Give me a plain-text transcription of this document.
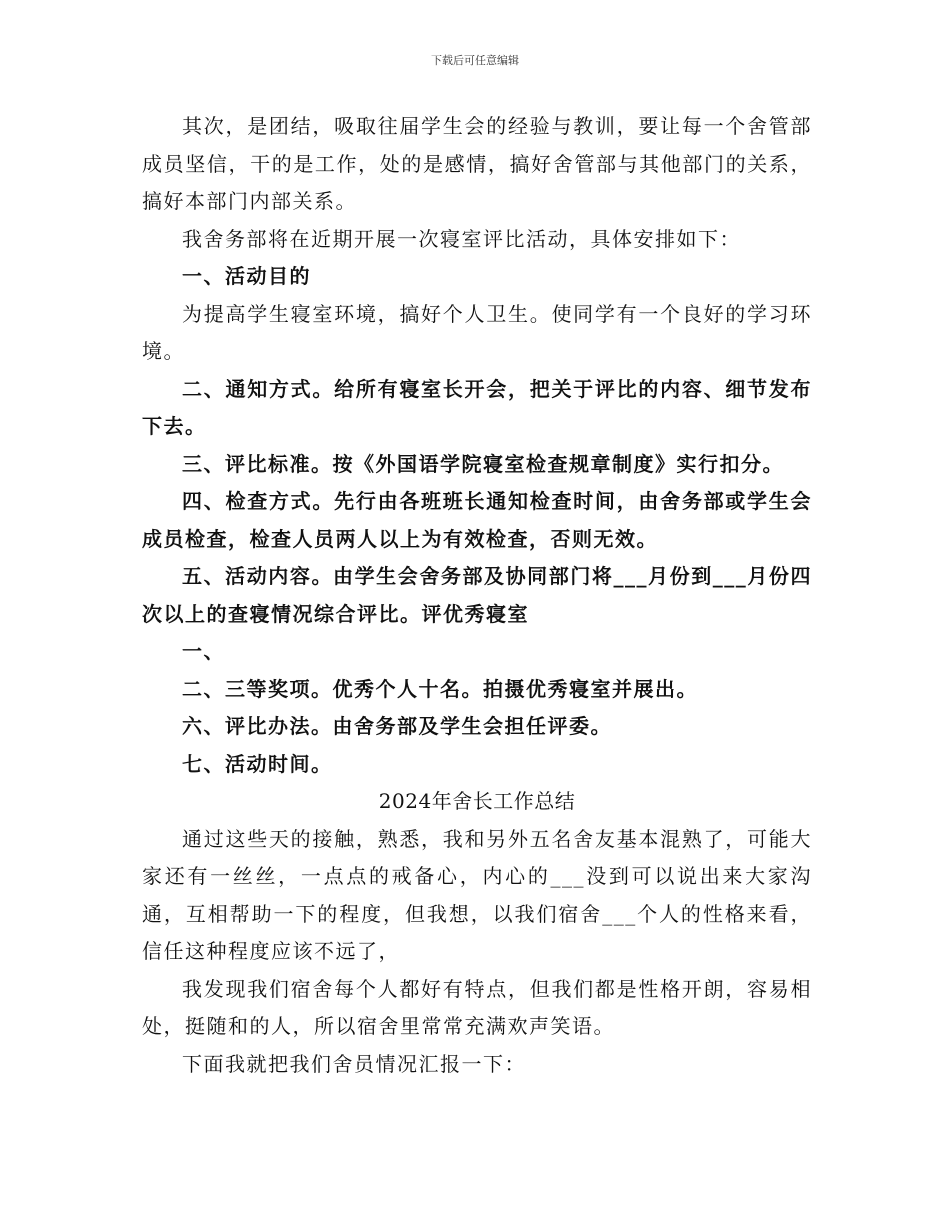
下载后可任意编辑

其次，是团结，吸取往届学生会的经验与教训，要让每一个舍管部成员坚信，干的是工作，处的是感情，搞好舍管部与其他部门的关系，搞好本部门内部关系。

我舍务部将在近期开展一次寝室评比活动，具体安排如下：

一、活动目的

为提高学生寝室环境，搞好个人卫生。使同学有一个良好的学习环境。

二、通知方式。给所有寝室长开会，把关于评比的内容、细节发布下去。

三、评比标准。按《外国语学院寝室检查规章制度》实行扣分。

四、检查方式。先行由各班班长通知检查时间，由舍务部或学生会成员检查，检查人员两人以上为有效检查，否则无效。

五、活动内容。由学生会舍务部及协同部门将___月份到___月份四次以上的查寝情况综合评比。评优秀寝室

一、

二、三等奖项。优秀个人十名。拍摄优秀寝室并展出。

六、评比办法。由舍务部及学生会担任评委。

七、活动时间。

2024年舍长工作总结

通过这些天的接触，熟悉，我和另外五名舍友基本混熟了，可能大家还有一丝丝，一点点的戒备心，内心的___没到可以说出来大家沟通，互相帮助一下的程度，但我想，以我们宿舍___个人的性格来看，信任这种程度应该不远了，

我发现我们宿舍每个人都好有特点，但我们都是性格开朗，容易相处，挺随和的人，所以宿舍里常常充满欢声笑语。

下面我就把我们舍员情况汇报一下：
